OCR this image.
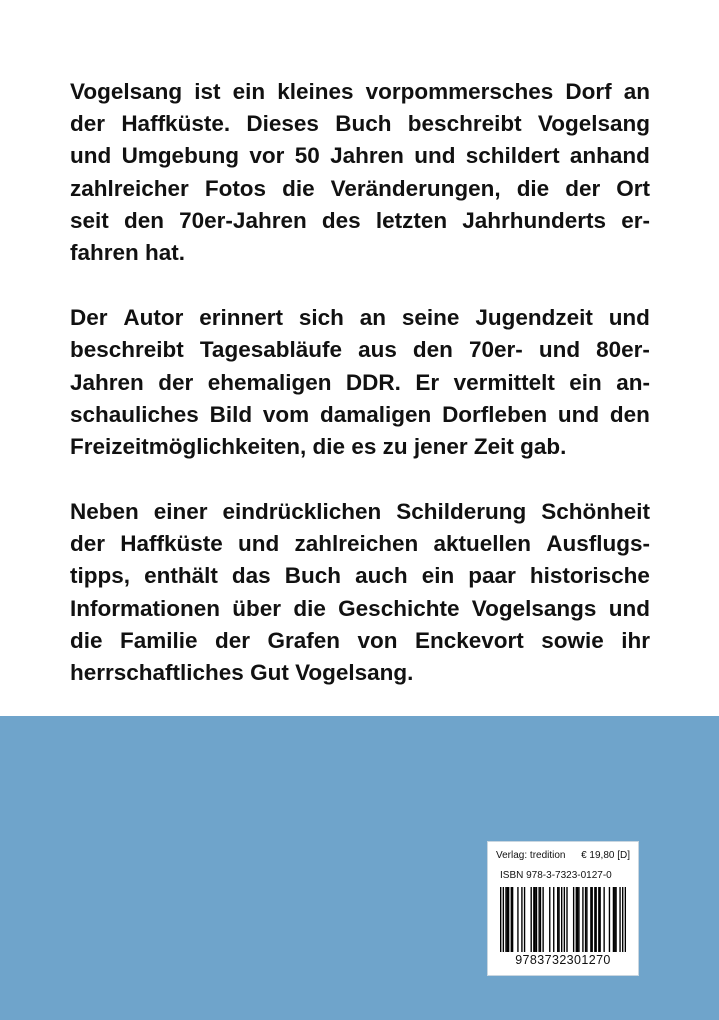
Vogelsang ist ein kleines vorpommersches Dorf an
der Haffküste. Dieses Buch beschreibt Vogelsang
und Umgebung vor 50 Jahren und schildert anhand
zahlreicher Fotos die Veränderungen, die der Ort
seit den 70er-Jahren des letzten Jahrhunderts er-
fahren hat.
Der Autor erinnert sich an seine Jugendzeit und
beschreibt Tagesabläufe aus den 70er- und 80er-
Jahren der ehemaligen DDR. Er vermittelt ein an-
schauliches Bild vom damaligen Dorfleben und den
Freizeitmöglichkeiten, die es zu jener Zeit gab.
Neben einer eindrücklichen Schilderung Schönheit
der Haffküste und zahlreichen aktuellen Ausflugs-
tipps, enthält das Buch auch ein paar historische
Informationen über die Geschichte Vogelsangs und
die Familie der Grafen von Enckevort sowie ihr
herrschaftliches Gut Vogelsang.
Verlag: tredition € 19,80 [D]
ISBN 978-3-7323-0127-0
9783732301270
